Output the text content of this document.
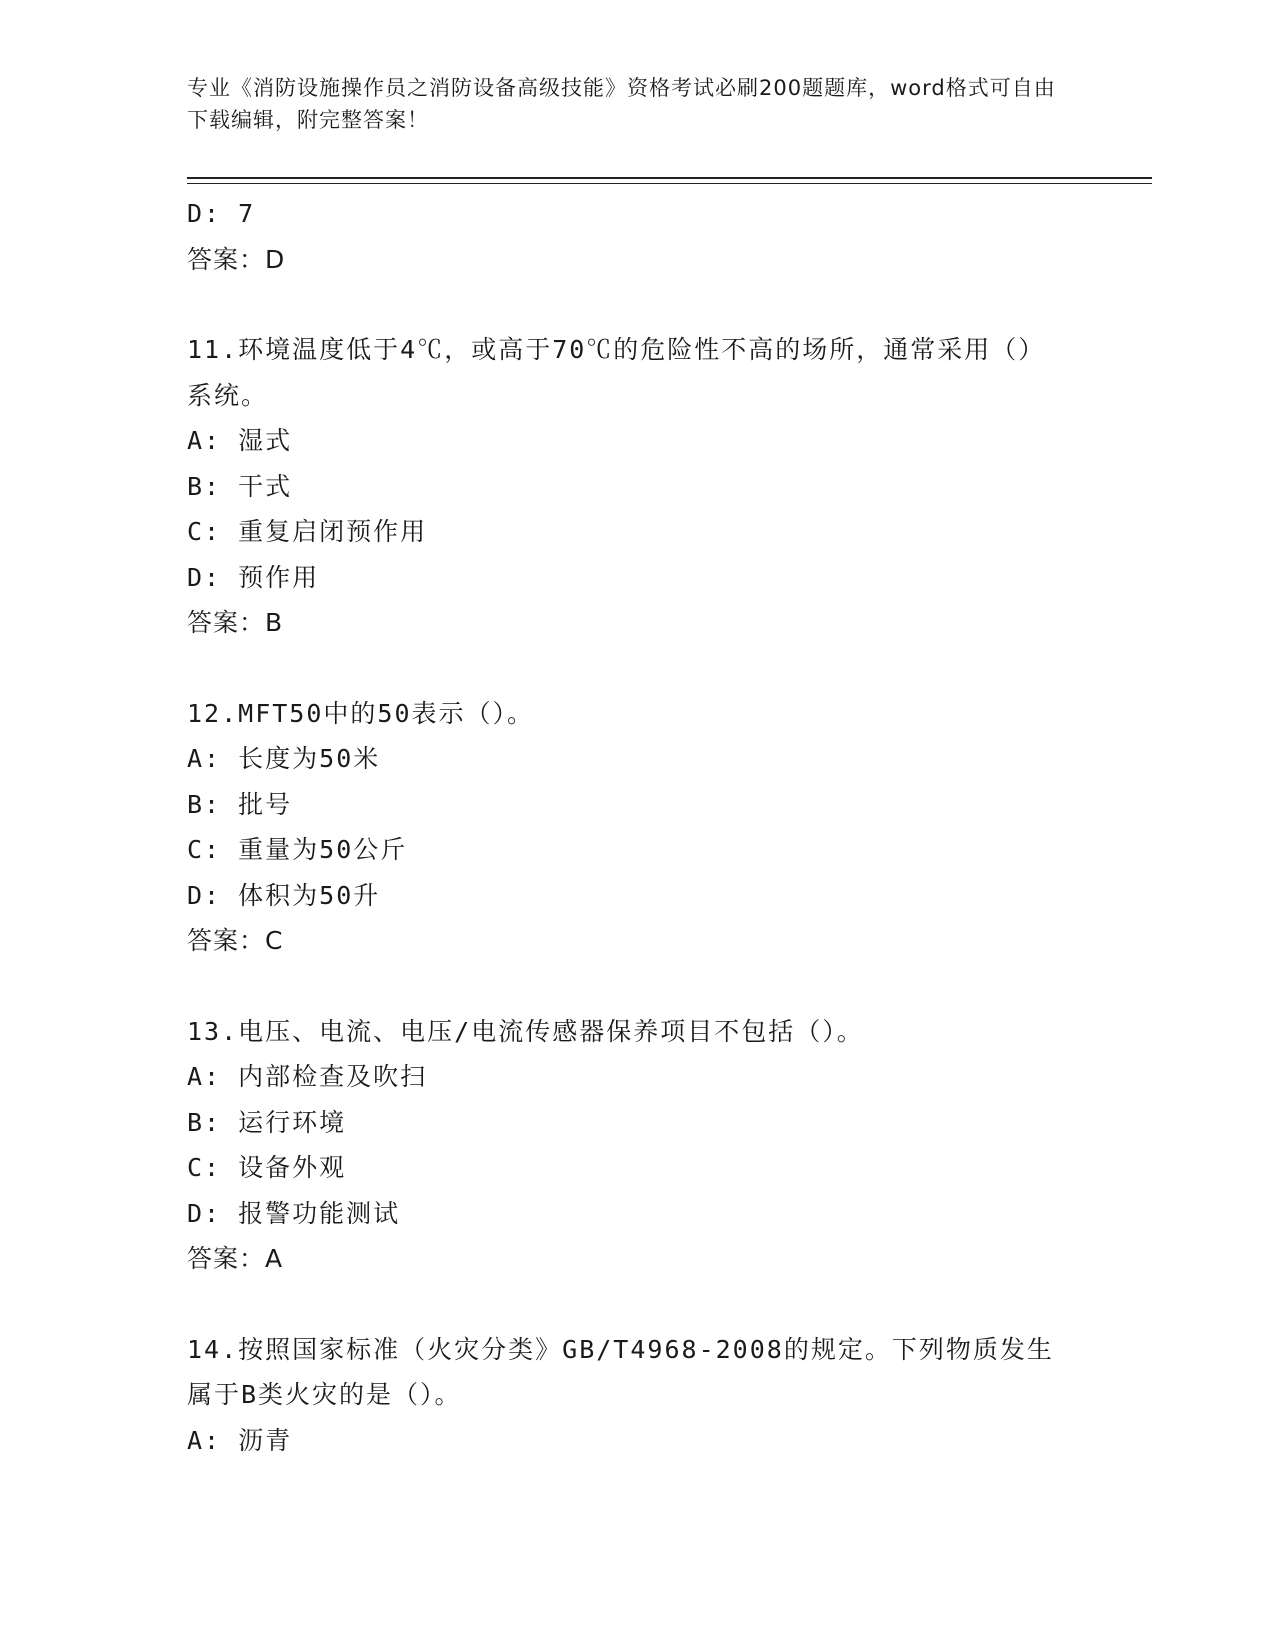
专业《消防设施操作员之消防设备高级技能》资格考试必刷200题题库，word格式可自由下载编辑，附完整答案！
D: 7
答案：D
11.环境温度低于4℃，或高于70℃的危险性不高的场所，通常采用（）系统。
A: 湿式
B: 干式
C: 重复启闭预作用
D: 预作用
答案：B
12.MFT50中的50表示（）。
A: 长度为50米
B: 批号
C: 重量为50公斤
D: 体积为50升
答案：C
13.电压、电流、电压/电流传感器保养项目不包括（）。
A: 内部检查及吹扫
B: 运行环境
C: 设备外观
D: 报警功能测试
答案：A
14.按照国家标准（火灾分类》GB/T4968-2008的规定。下列物质发生属于B类火灾的是（）。
A: 沥青
